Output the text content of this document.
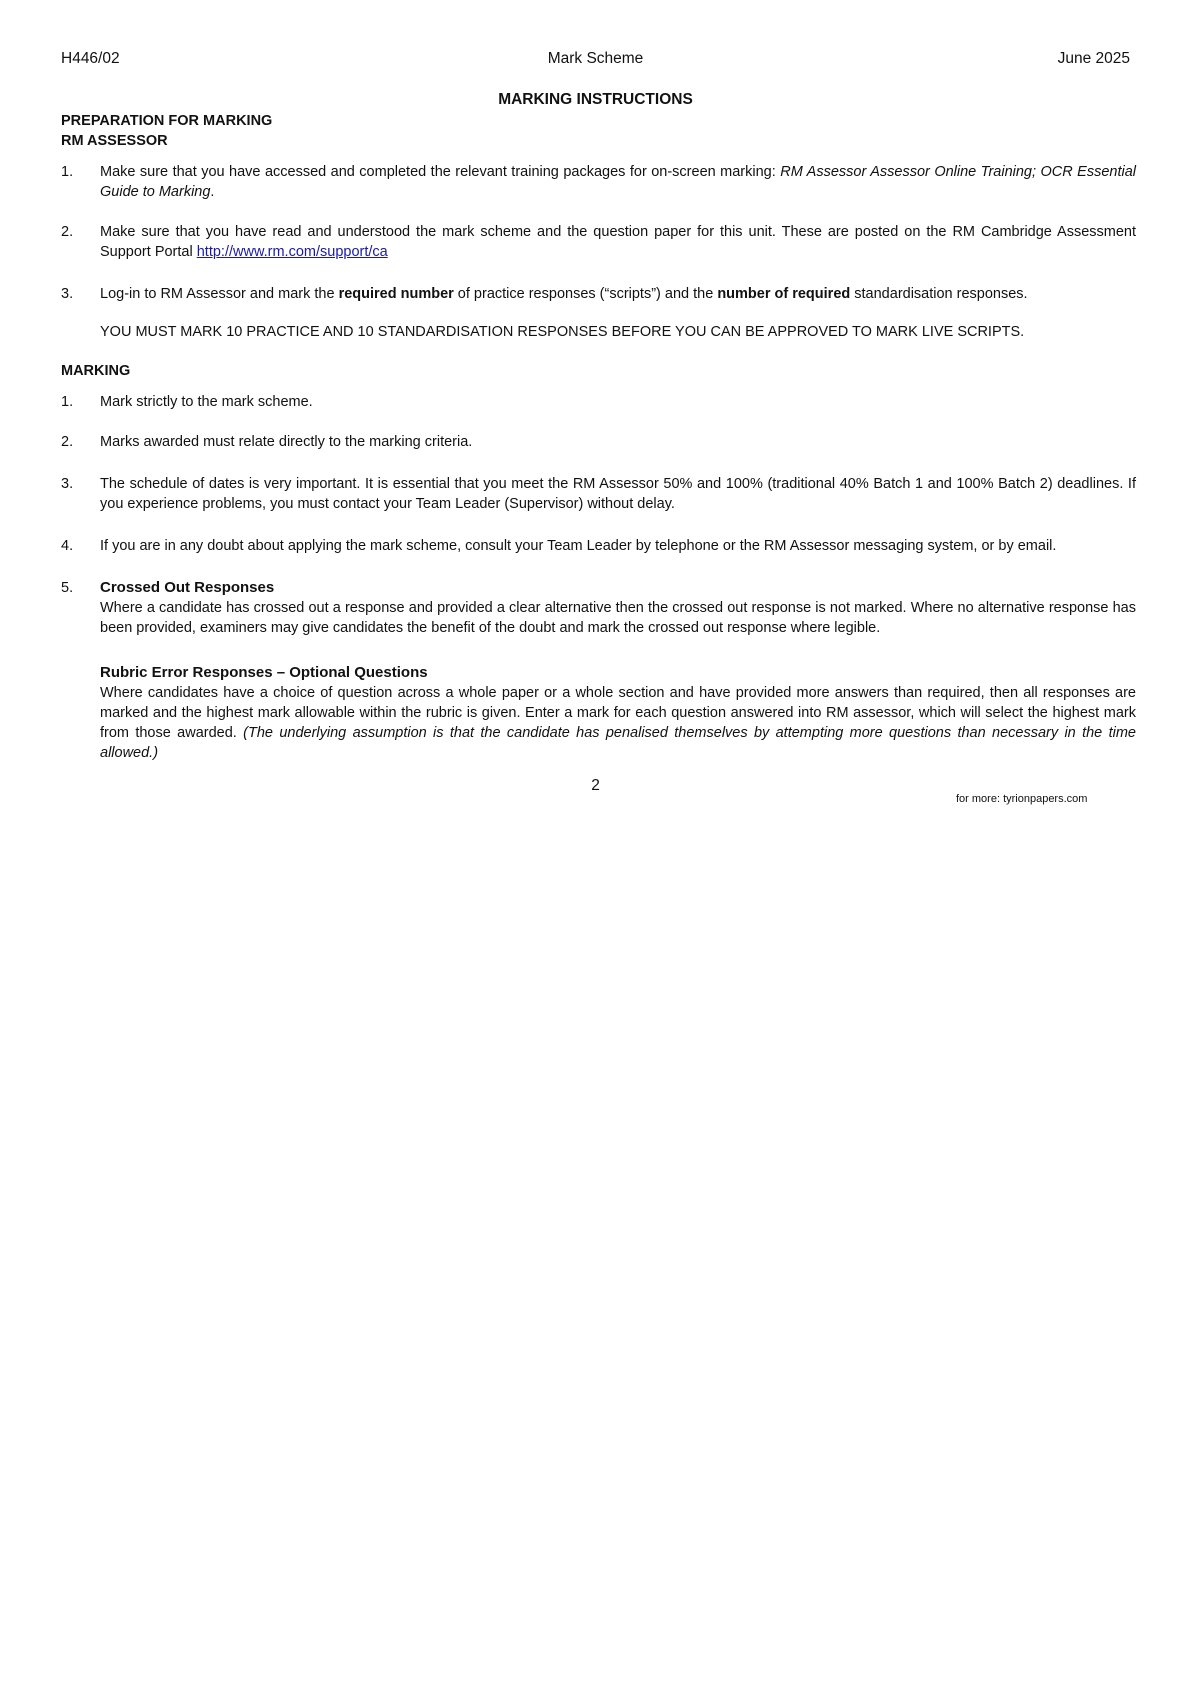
H446/02	Mark Scheme	June 2025
MARKING INSTRUCTIONS
PREPARATION FOR MARKING
RM ASSESSOR
1. Make sure that you have accessed and completed the relevant training packages for on-screen marking: RM Assessor Assessor Online Training; OCR Essential Guide to Marking.
2. Make sure that you have read and understood the mark scheme and the question paper for this unit. These are posted on the RM Cambridge Assessment Support Portal http://www.rm.com/support/ca
3. Log-in to RM Assessor and mark the required number of practice responses (“scripts”) and the number of required standardisation responses.
YOU MUST MARK 10 PRACTICE AND 10 STANDARDISATION RESPONSES BEFORE YOU CAN BE APPROVED TO MARK LIVE SCRIPTS.
MARKING
1. Mark strictly to the mark scheme.
2. Marks awarded must relate directly to the marking criteria.
3. The schedule of dates is very important. It is essential that you meet the RM Assessor 50% and 100% (traditional 40% Batch 1 and 100% Batch 2) deadlines. If you experience problems, you must contact your Team Leader (Supervisor) without delay.
4. If you are in any doubt about applying the mark scheme, consult your Team Leader by telephone or the RM Assessor messaging system, or by email.
5. Crossed Out Responses
Where a candidate has crossed out a response and provided a clear alternative then the crossed out response is not marked. Where no alternative response has been provided, examiners may give candidates the benefit of the doubt and mark the crossed out response where legible.
Rubric Error Responses – Optional Questions
Where candidates have a choice of question across a whole paper or a whole section and have provided more answers than required, then all responses are marked and the highest mark allowable within the rubric is given. Enter a mark for each question answered into RM assessor, which will select the highest mark from those awarded. (The underlying assumption is that the candidate has penalised themselves by attempting more questions than necessary in the time allowed.)
2
for more: tyrionpapers.com
